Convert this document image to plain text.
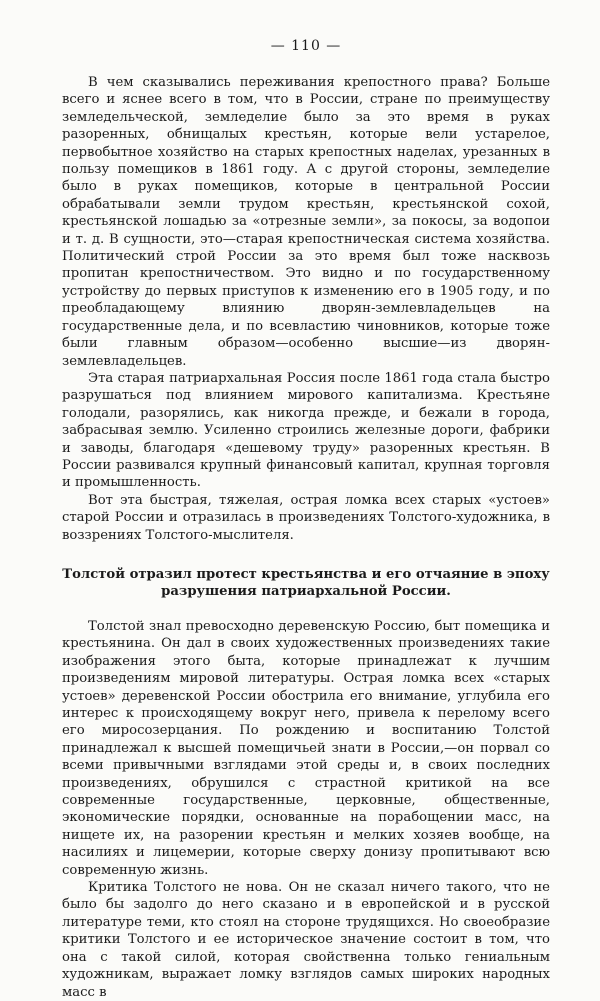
— 110 —

В чем сказывались переживания крепостного права? Больше всего и яснее всего в том, что в России, стране по преимуществу земледельческой, земледелие было за это время в руках разоренных, обнищалых крестьян, которые вели устарелое, первобытное хозяйство на старых крепостных наделах, урезанных в пользу помещиков в 1861 году. А с другой стороны, земледелие было в руках помещиков, которые в центральной России обрабатывали земли трудом крестьян, крестьянской сохой, крестьянской лошадью за «отрезные земли», за покосы, за водопои и т. д. В сущности, это—старая крепостническая система хозяйства. Политический строй России за это время был тоже насквозь пропитан крепостничеством. Это видно и по государственному устройству до первых приступов к изменению его в 1905 году, и по преобладающему влиянию дворян-землевладельцев на государственные дела, и по всевластию чиновников, которые тоже были главным образом—особенно высшие—из дворян-землевладельцев.

Эта старая патриархальная Россия после 1861 года стала быстро разрушаться под влиянием мирового капитализма. Крестьяне голодали, разорялись, как никогда прежде, и бежали в города, забрасывая землю. Усиленно строились железные дороги, фабрики и заводы, благодаря «дешевому труду» разоренных крестьян. В России развивался крупный финансовый капитал, крупная торговля и промышленность.

Вот эта быстрая, тяжелая, острая ломка всех старых «устоев» старой России и отразилась в произведениях Толстого-художника, в воззрениях Толстого-мыслителя.

Толстой отразил протест крестьянства и его отчаяние в эпоху
разрушения патриархальной России.

Толстой знал превосходно деревенскую Россию, быт помещика и крестьянина. Он дал в своих художественных произведениях такие изображения этого быта, которые принадлежат к лучшим произведениям мировой литературы. Острая ломка всех «старых устоев» деревенской России обострила его внимание, углубила его интерес к происходящему вокруг него, привела к перелому всего его миросозерцания. По рождению и воспитанию Толстой принадлежал к высшей помещичьей знати в России,—он порвал со всеми привычными взглядами этой среды и, в своих последних произведениях, обрушился с страстной критикой на все современные государственные, церковные, общественные, экономические порядки, основанные на порабощении масс, на нищете их, на разорении крестьян и мелких хозяев вообще, на насилиях и лицемерии, которые сверху донизу пропитывают всю современную жизнь.

Критика Толстого не нова. Он не сказал ничего такого, что не было бы задолго до него сказано и в европейской и в русской литературе теми, кто стоял на стороне трудящихся. Но своеобразие критики Толстого и ее историческое значение состоит в том, что она с такой силой, которая свойственна только гениальным художникам, выражает ломку взглядов самых широких народных масс в
